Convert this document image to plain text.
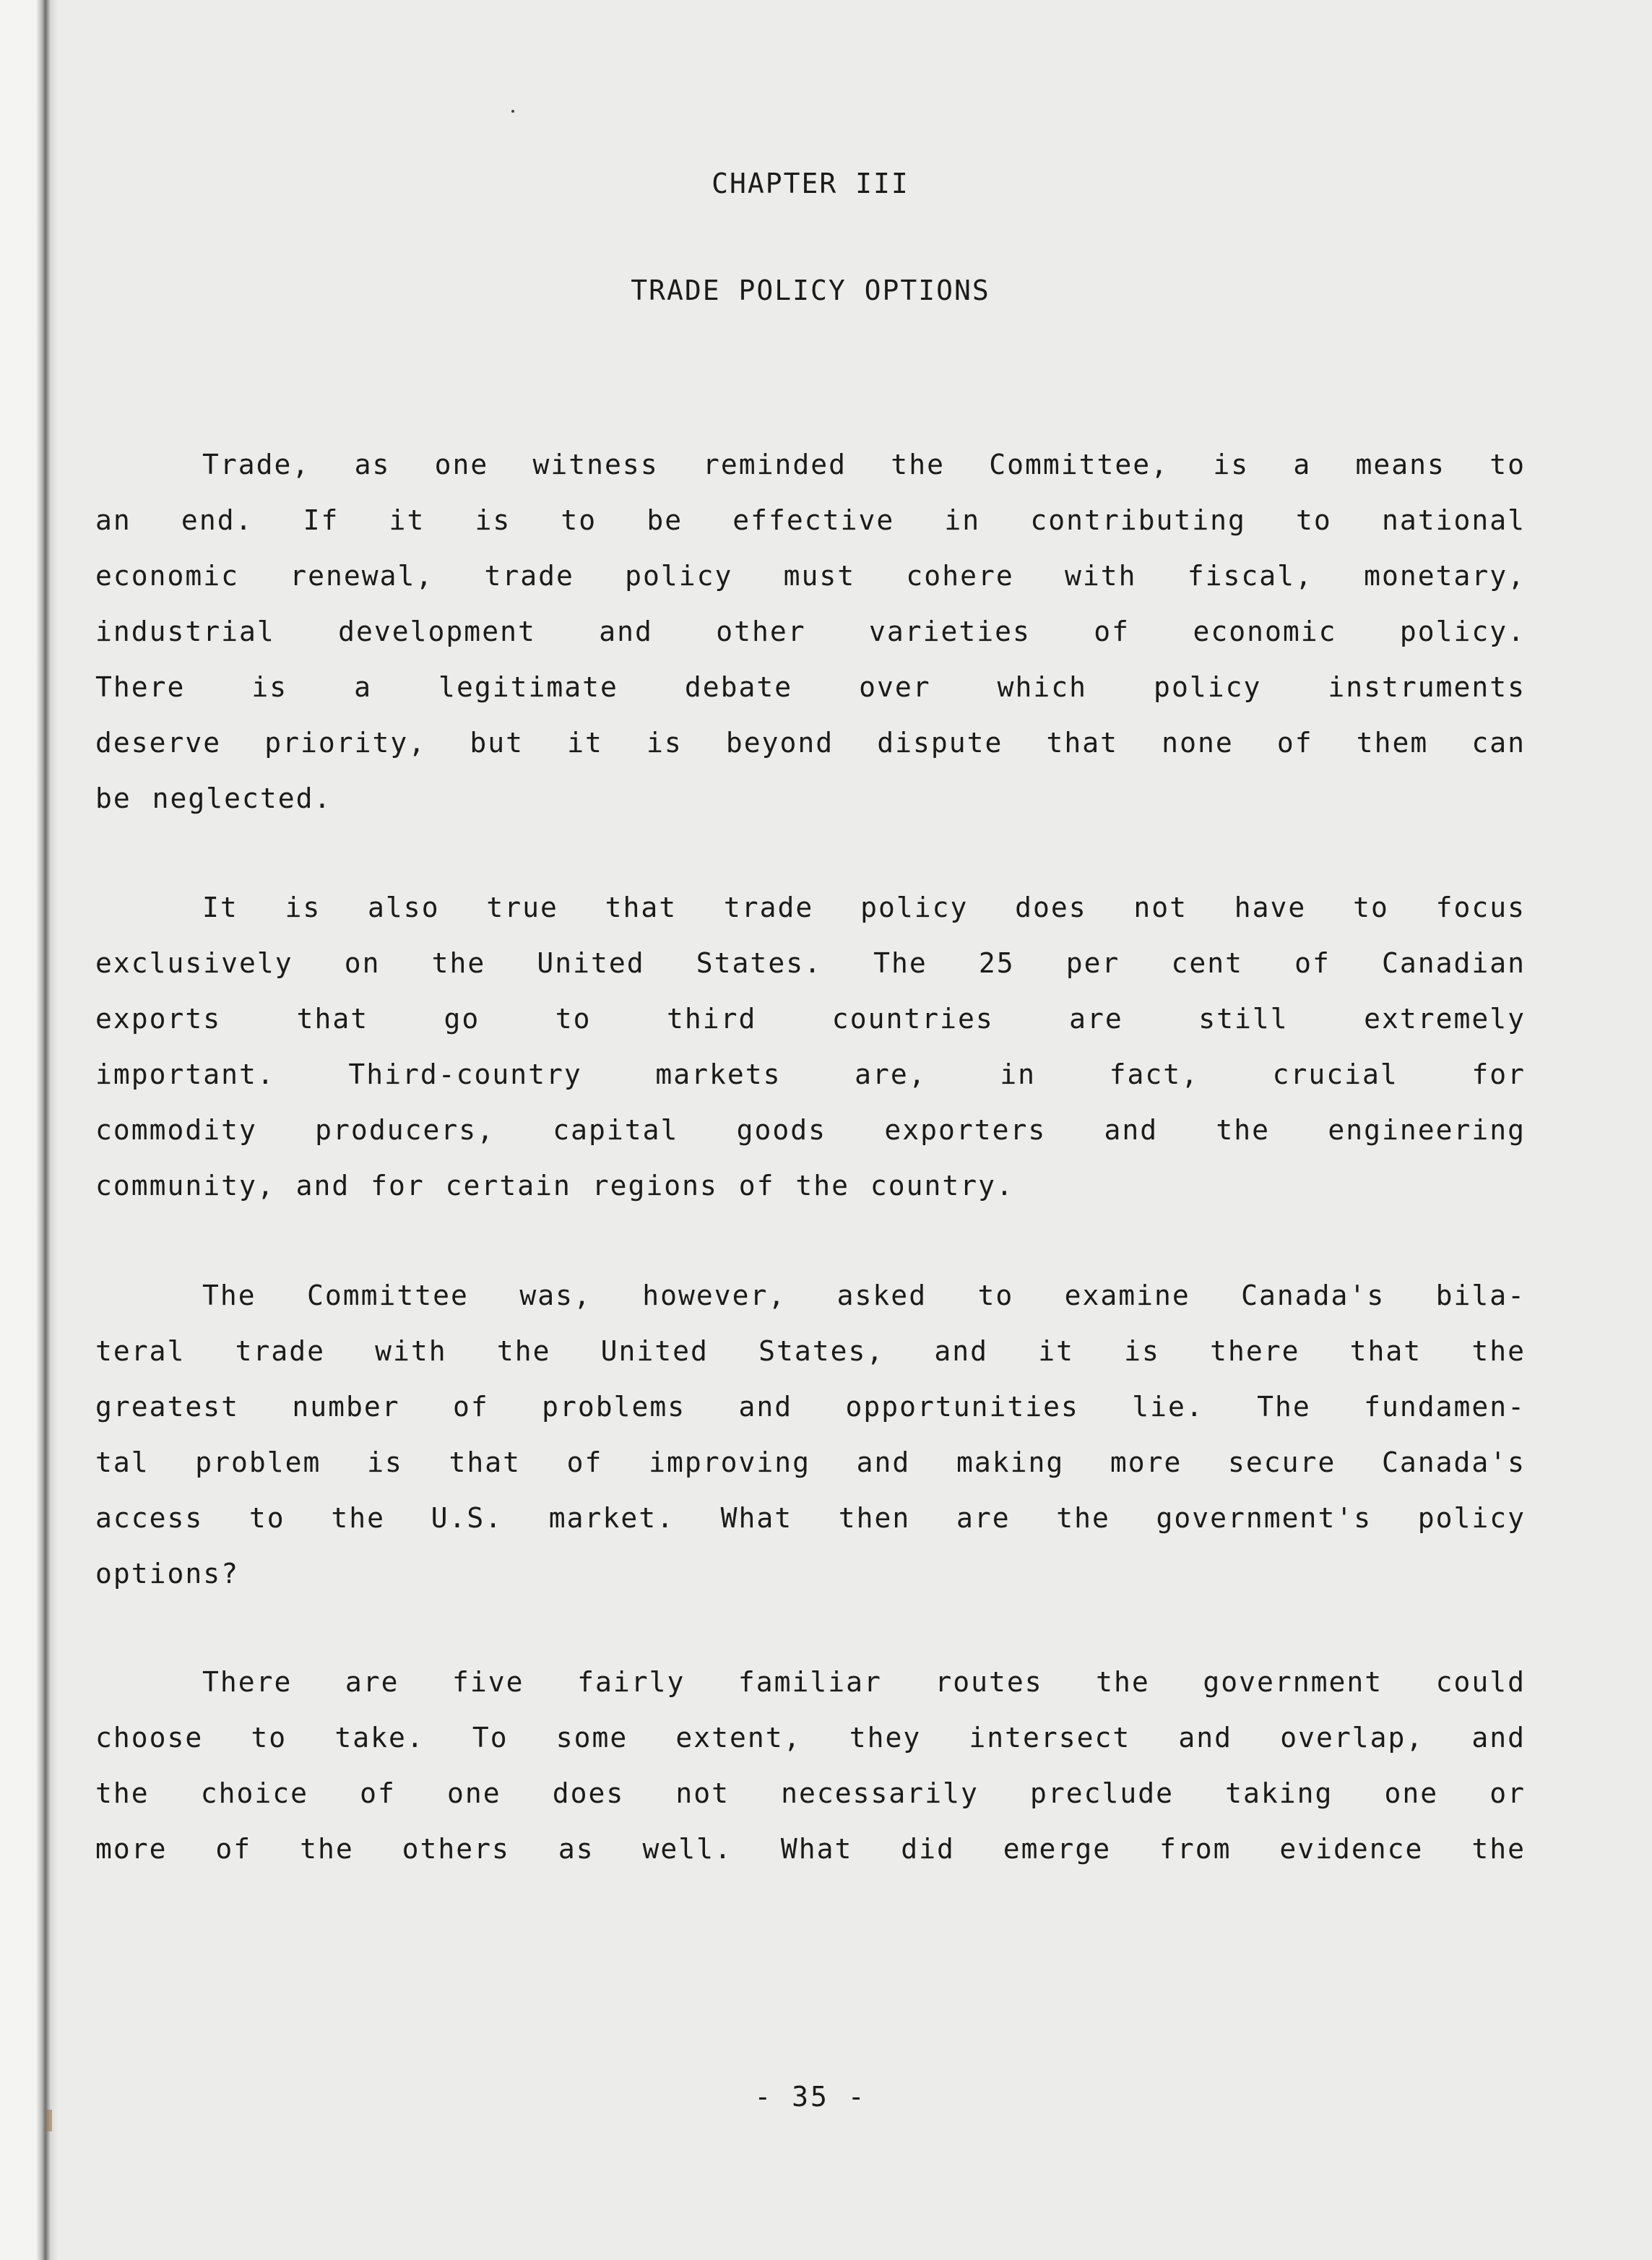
CHAPTER III
TRADE POLICY OPTIONS
Trade, as one witness reminded the Committee, is a means to
an end. If it is to be effective in contributing to national
economic renewal, trade policy must cohere with fiscal, monetary,
industrial development and other varieties of economic policy.
There is a legitimate debate over which policy instruments
deserve priority, but it is beyond dispute that none of them can
be neglected.
It is also true that trade policy does not have to focus
exclusively on the United States. The 25 per cent of Canadian
exports that go to third countries are still extremely
important. Third-country markets are, in fact, crucial for
commodity producers, capital goods exporters and the engineering
community, and for certain regions of the country.
The Committee was, however, asked to examine Canada's bila-
teral trade with the United States, and it is there that the
greatest number of problems and opportunities lie. The fundamen-
tal problem is that of improving and making more secure Canada's
access to the U.S. market. What then are the government's policy
options?
There are five fairly familiar routes the government could
choose to take. To some extent, they intersect and overlap, and
the choice of one does not necessarily preclude taking one or
more of the others as well. What did emerge from evidence the
- 35 -
